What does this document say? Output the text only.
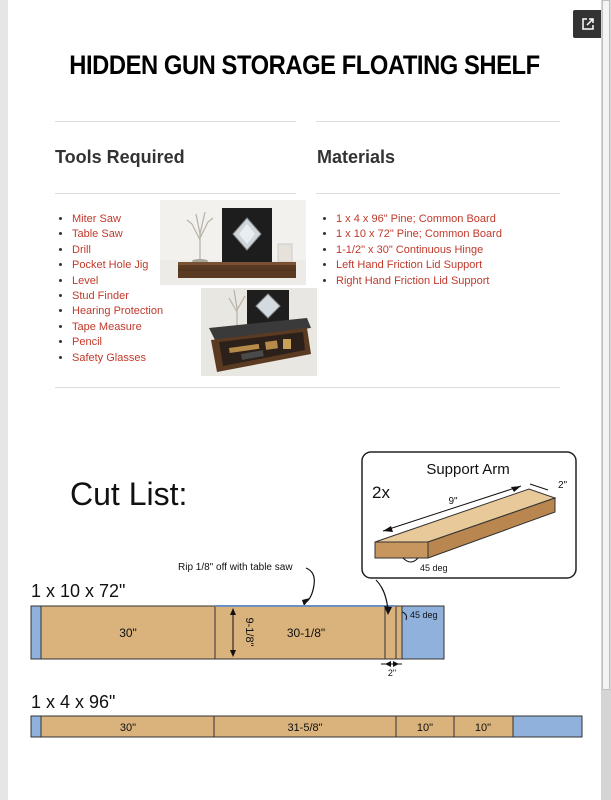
HIDDEN GUN STORAGE FLOATING SHELF
Tools Required	Materials
• Miter Saw
• Table Saw
• Drill
• Pocket Hole Jig
• Level
• Stud Finder
• Hearing Protection
• Tape Measure
• Pencil
• Safety Glasses
• 1 x 4 x 96" Pine; Common Board
• 1 x 10 x 72" Pine; Common Board
• 1-1/2" x 30" Continuous Hinge
• Left Hand Friction Lid Support
• Right Hand Friction Lid Support
Cut List:
Support Arm
2x	9"
2"
45 deg
Rip 1/8" off with table saw
1 x 10 x 72"
30"	30-1/8"
9-1/8"
45 deg
2"
1 x 4 x 96"
30"	31-5/8"	10"	10"
